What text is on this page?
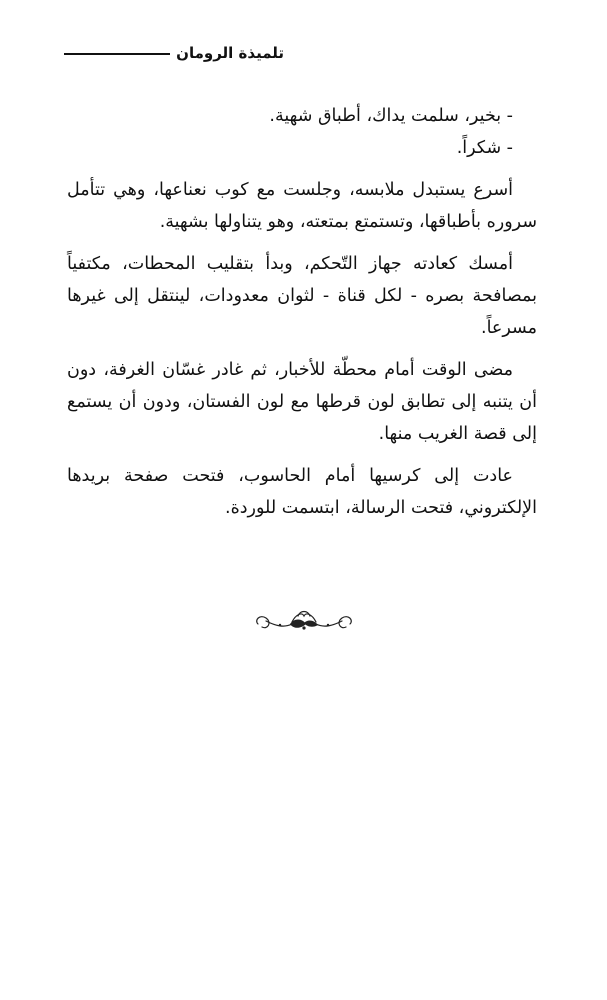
تلميذة الرومان

- بخير، سلمت يداك، أطباق شهية.

- شكراً.

أسرع يستبدل ملابسه، وجلست مع كوب نعناعها، وهي تتأمل سروره بأطباقها، وتستمتع بمتعته، وهو يتناولها بشهية.

أمسك كعادته جهاز التّحكم، وبدأ بتقليب المحطات، مكتفياً بمصافحة بصره - لكل قناة - لثوان معدودات، لينتقل إلى غيرها مسرعاً.

مضى الوقت أمام محطّة للأخبار، ثم غادر غسّان الغرفة، دون أن يتنبه إلى تطابق لون قرطها مع لون الفستان، ودون أن يستمع إلى قصة الغريب منها.

عادت إلى كرسيها أمام الحاسوب، فتحت صفحة بريدها الإلكتروني، فتحت الرسالة، ابتسمت للوردة.
